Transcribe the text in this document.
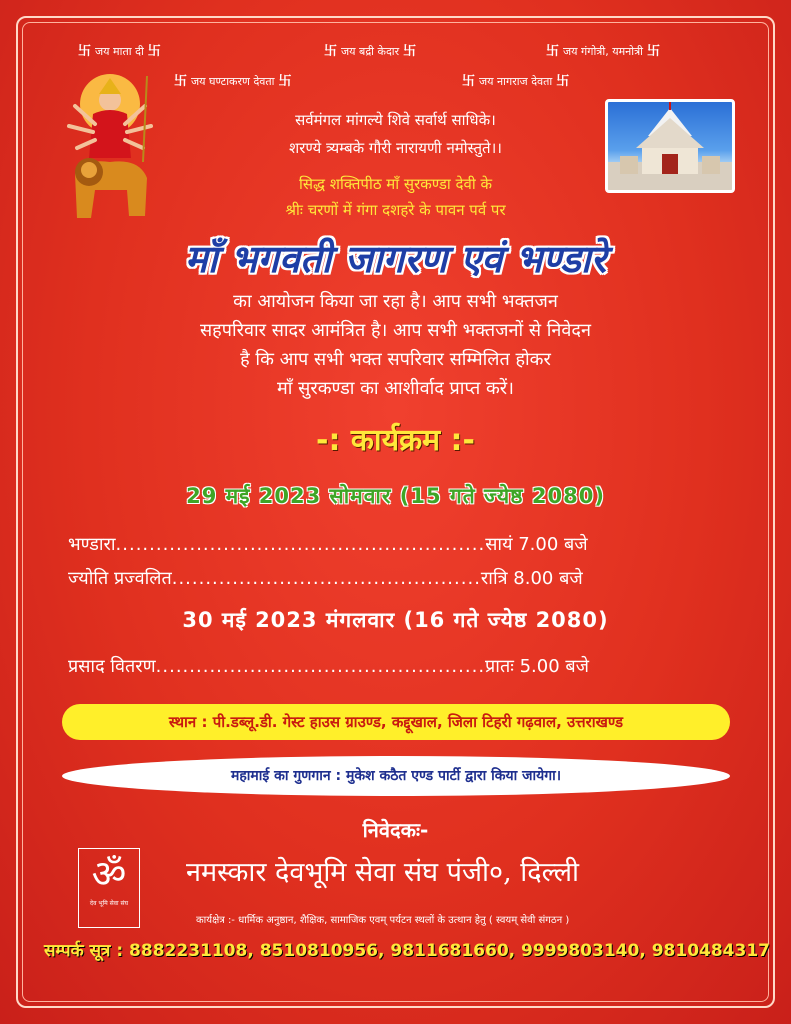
卐 जय माता दी 卐	卐 जय बद्री केदार 卐	卐 जय गंगोत्री, यमनोत्री 卐
卐 जय घण्टाकरण देवता 卐	卐 जय नागराज देवता 卐
सर्वमंगल मांगल्ये शिवे सर्वार्थ साधिके।
शरण्ये त्र्यम्बके गौरी नारायणी नमोस्तुते।।
सिद्ध शक्तिपीठ माँ सुरकण्डा देवी के
श्रीः चरणों में गंगा दशहरे के पावन पर्व पर
माँ भगवती जागरण एवं भण्डारे
का आयोजन किया जा रहा है। आप सभी भक्तजन
सहपरिवार सादर आमंत्रित है। आप सभी भक्तजनों से निवेदन
है कि आप सभी भक्त सपरिवार सम्मिलित होकर
माँ सुरकण्डा का आशीर्वाद प्राप्त करें।
-: कार्यक्रम :-
29 मई 2023 सोमवार (15 गते ज्येष्ठ 2080)
भण्डारा.......................................................सायं 7.00 बजे
ज्योति प्रज्वलित..............................................रात्रि 8.00 बजे
30 मई 2023 मंगलवार (16 गते ज्येष्ठ 2080)
प्रसाद वितरण.................................................प्रातः 5.00 बजे
स्थान : पी.डब्लू.डी. गेस्ट हाउस ग्राउण्ड, कद्दूखाल, जिला टिहरी गढ़वाल, उत्तराखण्ड
महामाई का गुणगान : मुकेश कठैत एण्ड पार्टी द्वारा किया जायेगा।
निवेदकः-
ॐ
देव भूमि सेवा संघ
नमस्कार देवभूमि सेवा संघ पंजी०, दिल्ली
कार्यक्षेत्र :- धार्मिक अनुष्ठान, शैक्षिक, सामाजिक एवम् पर्यटन स्थलों के उत्थान हेतु ( स्वयम् सेवी संगठन )
सम्पर्क सूत्र : 8882231108, 8510810956, 9811681660, 9999803140, 9810484317
